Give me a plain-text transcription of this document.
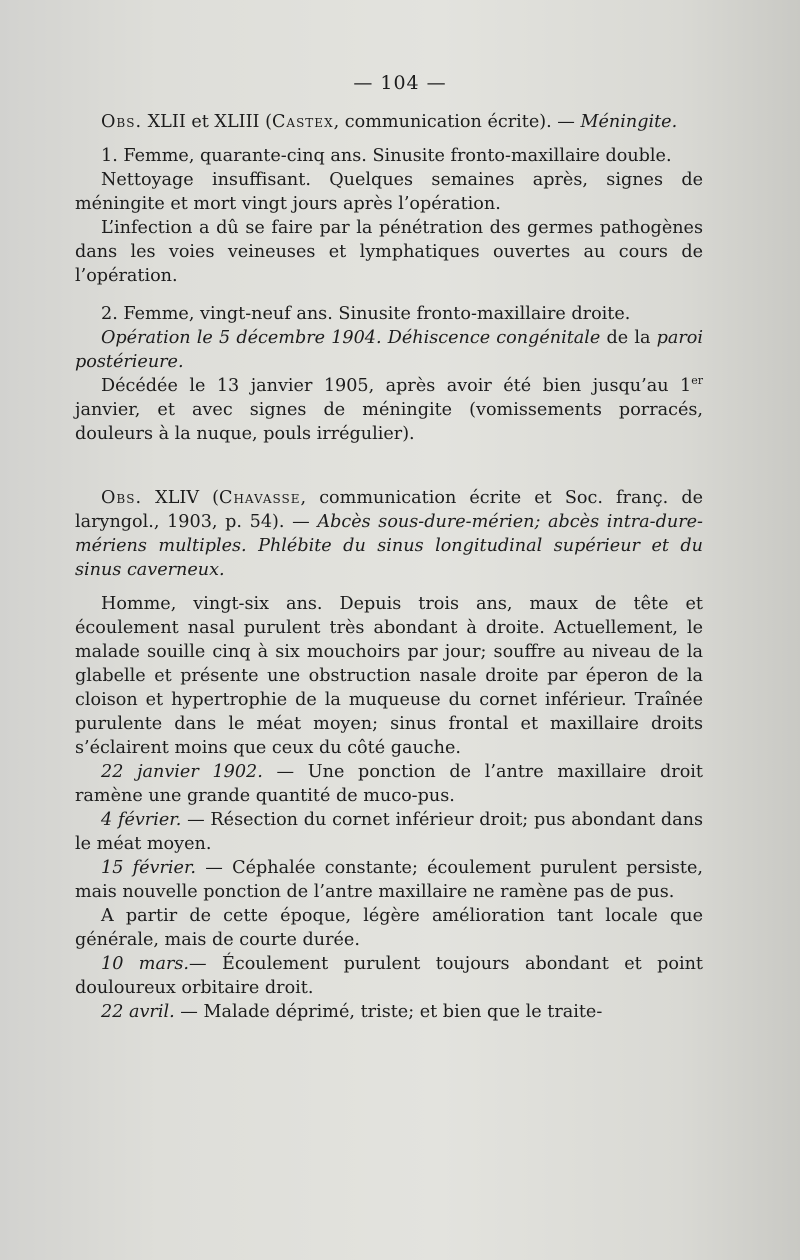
— 104 —

Obs. XLII et XLIII (Castex, communication écrite). — Méningite.

1. Femme, quarante-cinq ans. Sinusite fronto-maxillaire double.

Nettoyage insuffisant. Quelques semaines après, signes de méningite et mort vingt jours après l’opération.

L’infection a dû se faire par la pénétration des germes pathogènes dans les voies veineuses et lymphatiques ouvertes au cours de l’opération.

2. Femme, vingt-neuf ans. Sinusite fronto-maxillaire droite.

Opération le 5 décembre 1904. Déhiscence congénitale de la paroi postérieure.

Décédée le 13 janvier 1905, après avoir été bien jusqu’au 1er janvier, et avec signes de méningite (vomissements porracés, douleurs à la nuque, pouls irrégulier).

Obs. XLIV (Chavasse, communication écrite et Soc. franç. de laryngol., 1903, p. 54). — Abcès sous-dure-mérien; abcès intra-dure-mériens multiples. Phlébite du sinus longitudinal supérieur et du sinus caverneux.

Homme, vingt-six ans. Depuis trois ans, maux de tête et écoulement nasal purulent très abondant à droite. Actuellement, le malade souille cinq à six mouchoirs par jour; souffre au niveau de la glabelle et présente une obstruction nasale droite par éperon de la cloison et hypertrophie de la muqueuse du cornet inférieur. Traînée purulente dans le méat moyen; sinus frontal et maxillaire droits s’éclairent moins que ceux du côté gauche.

22 janvier 1902. — Une ponction de l’antre maxillaire droit ramène une grande quantité de muco-pus.

4 février. — Résection du cornet inférieur droit; pus abondant dans le méat moyen.

15 février. — Céphalée constante; écoulement purulent persiste, mais nouvelle ponction de l’antre maxillaire ne ramène pas de pus.

A partir de cette époque, légère amélioration tant locale que générale, mais de courte durée.

10 mars.— Écoulement purulent toujours abondant et point douloureux orbitaire droit.

22 avril. — Malade déprimé, triste; et bien que le traite-
